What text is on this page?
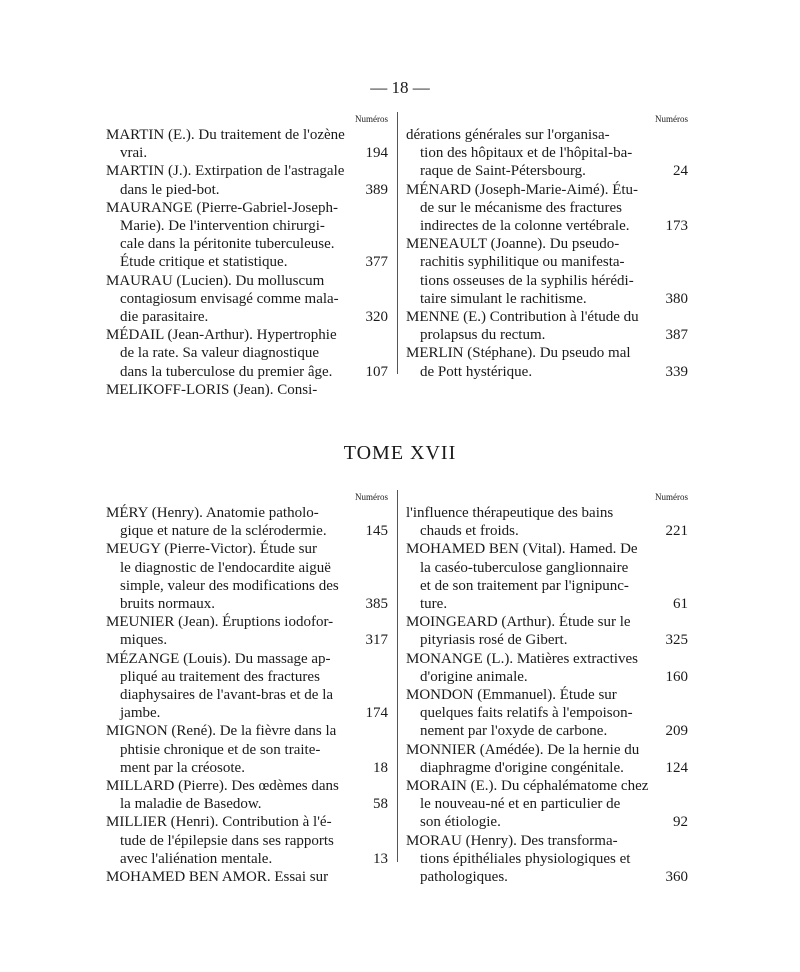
— 18 —
Numéros

MARTIN (E.). Du traitement de l'ozène
194
vrai.

MARTIN (J.). Extirpation de l'astragale
389
dans le pied-bot.

MAURANGE (Pierre-Gabriel-Joseph-
Marie). De l'intervention chirurgi-
cale dans la péritonite tuberculeuse.
377
Étude critique et statistique.

MAURAU (Lucien). Du molluscum
contagiosum envisagé comme mala-
320
die parasitaire.

MÉDAIL (Jean-Arthur). Hypertrophie
de la rate. Sa valeur diagnostique
107
dans la tuberculose du premier âge.

MELIKOFF-LORIS (Jean). Consi-

Numéros

dérations générales sur l'organisa-
tion des hôpitaux et de l'hôpital-ba-
24
raque de Saint-Pétersbourg.

MÉNARD (Joseph-Marie-Aimé). Étu-
de sur le mécanisme des fractures
173
indirectes de la colonne vertébrale.

MENEAULT (Joanne). Du pseudo-
rachitis syphilitique ou manifesta-
tions osseuses de la syphilis hérédi-
380
taire simulant le rachitisme.

MENNE (E.) Contribution à l'étude du
387
prolapsus du rectum.

MERLIN (Stéphane). Du pseudo mal
339
de Pott hystérique.

TOME XVII
Numéros

MÉRY (Henry). Anatomie patholo-
145
gique et nature de la sclérodermie.

MEUGY (Pierre-Victor). Étude sur
le diagnostic de l'endocardite aiguë
simple, valeur des modifications des
385
bruits normaux.

MEUNIER (Jean). Éruptions iodofor-
317
miques.

MÉZANGE (Louis). Du massage ap-
pliqué au traitement des fractures
diaphysaires de l'avant-bras et de la
174
jambe.

MIGNON (René). De la fièvre dans la
phtisie chronique et de son traite-
18
ment par la créosote.

MILLARD (Pierre). Des œdèmes dans
58
la maladie de Basedow.

MILLIER (Henri). Contribution à l'é-
tude de l'épilepsie dans ses rapports
13
avec l'aliénation mentale.

MOHAMED BEN AMOR. Essai sur

Numéros

l'influence thérapeutique des bains
221
chauds et froids.

MOHAMED BEN (Vital). Hamed. De
la caséo-tuberculose ganglionnaire
et de son traitement par l'ignipunc-
61
ture.

MOINGEARD (Arthur). Étude sur le
325
pityriasis rosé de Gibert.

MONANGE (L.). Matières extractives
160
d'origine animale.

MONDON (Emmanuel). Étude sur
quelques faits relatifs à l'empoison-
209
nement par l'oxyde de carbone.

MONNIER (Amédée). De la hernie du
124
diaphragme d'origine congénitale.

MORAIN (E.). Du céphalématome chez
le nouveau-né et en particulier de
92
son étiologie.

MORAU (Henry). Des transforma-
tions épithéliales physiologiques et
360
pathologiques.
